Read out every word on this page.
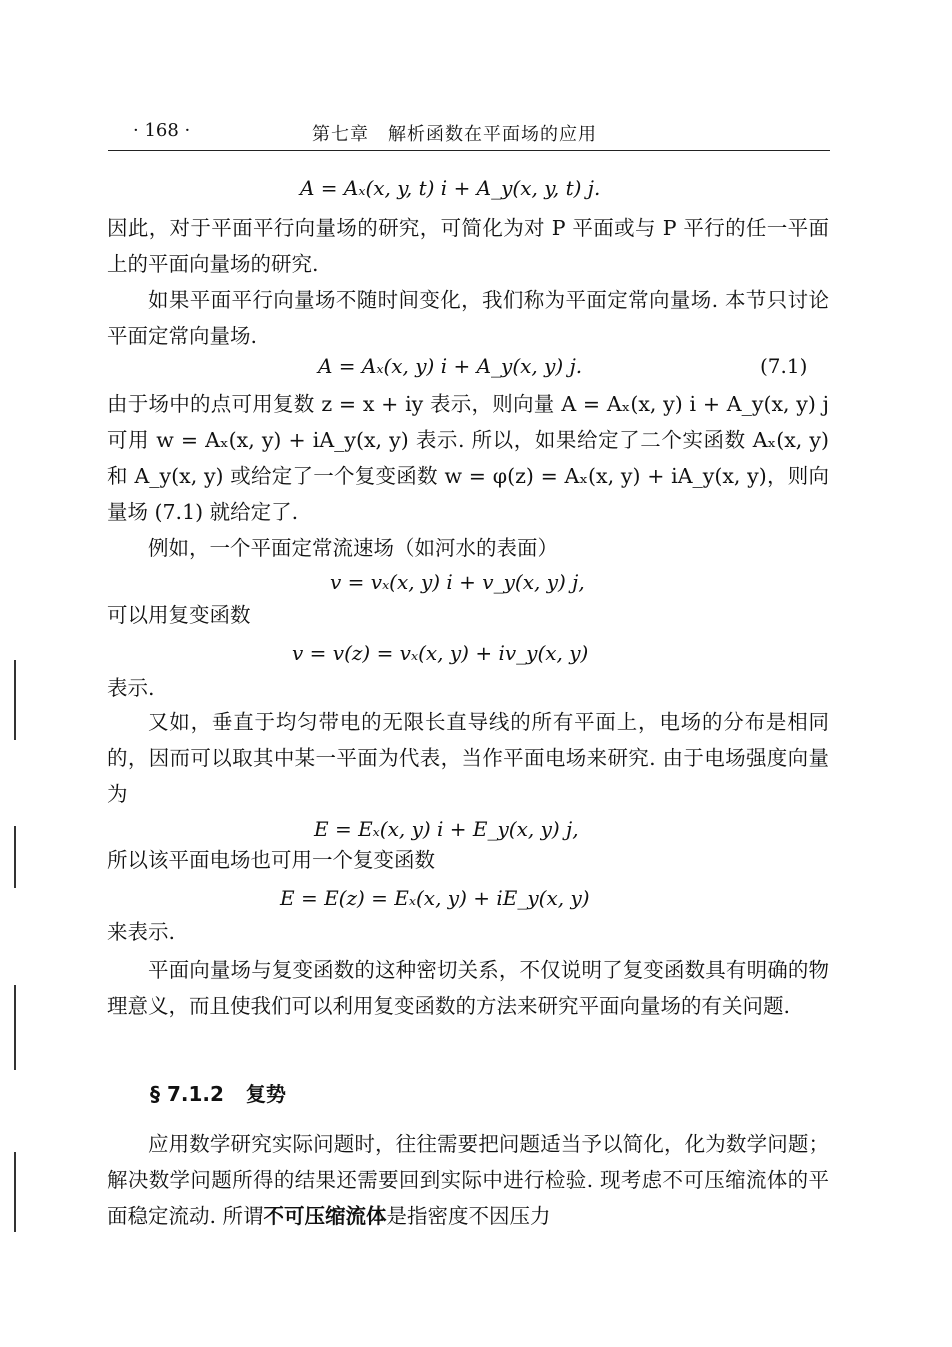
· 168 ·	第七章　解析函数在平面场的应用
A = Aₓ(x, y, t) i + A_y(x, y, t) j.

因此，对于平面平行向量场的研究，可简化为对 P 平面或与 P 平行的任一平面上的平面向量场的研究.

如果平面平行向量场不随时间变化，我们称为平面定常向量场. 本节只讨论平面定常向量场.

A = Aₓ(x, y) i + A_y(x, y) j.	(7.1)

由于场中的点可用复数 z = x + iy 表示，则向量 A = Aₓ(x, y) i + A_y(x, y) j 可用 w = Aₓ(x, y) + iA_y(x, y) 表示. 所以，如果给定了二个实函数 Aₓ(x, y) 和 A_y(x, y) 或给定了一个复变函数 w = φ(z) = Aₓ(x, y) + iA_y(x, y)，则向量场 (7.1) 就给定了.

例如，一个平面定常流速场（如河水的表面）

v = vₓ(x, y) i + v_y(x, y) j,

可以用复变函数

v = v(z) = vₓ(x, y) + iv_y(x, y)

表示.

又如，垂直于均匀带电的无限长直导线的所有平面上，电场的分布是相同的，因而可以取其中某一平面为代表，当作平面电场来研究. 由于电场强度向量为

E = Eₓ(x, y) i + E_y(x, y) j,

所以该平面电场也可用一个复变函数

E = E(z) = Eₓ(x, y) + iE_y(x, y)

来表示.

平面向量场与复变函数的这种密切关系，不仅说明了复变函数具有明确的物理意义，而且使我们可以利用复变函数的方法来研究平面向量场的有关问题.

§ 7.1.2 复势

应用数学研究实际问题时，往往需要把问题适当予以简化，化为数学问题；解决数学问题所得的结果还需要回到实际中进行检验. 现考虑不可压缩流体的平面稳定流动. 所谓不可压缩流体是指密度不因压力
